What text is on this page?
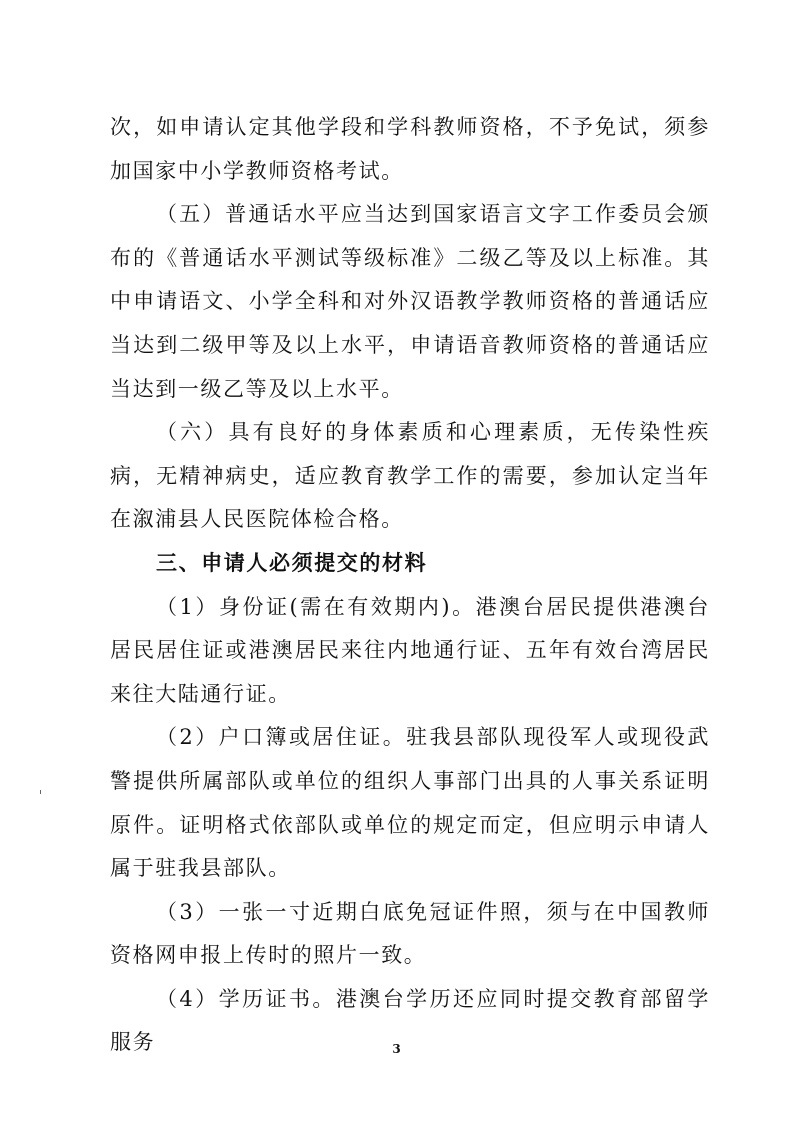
次，如申请认定其他学段和学科教师资格，不予免试，须参加国家中小学教师资格考试。

（五）普通话水平应当达到国家语言文字工作委员会颁布的《普通话水平测试等级标准》二级乙等及以上标准。其中申请语文、小学全科和对外汉语教学教师资格的普通话应当达到二级甲等及以上水平，申请语音教师资格的普通话应当达到一级乙等及以上水平。

（六）具有良好的身体素质和心理素质，无传染性疾病，无精神病史，适应教育教学工作的需要，参加认定当年在溆浦县人民医院体检合格。

三、申请人必须提交的材料

（1）身份证(需在有效期内)。港澳台居民提供港澳台居民居住证或港澳居民来往内地通行证、五年有效台湾居民来往大陆通行证。

（2）户口簿或居住证。驻我县部队现役军人或现役武警提供所属部队或单位的组织人事部门出具的人事关系证明原件。证明格式依部队或单位的规定而定，但应明示申请人属于驻我县部队。

（3）一张一寸近期白底免冠证件照，须与在中国教师资格网申报上传时的照片一致。

（4）学历证书。港澳台学历还应同时提交教育部留学服务	3
